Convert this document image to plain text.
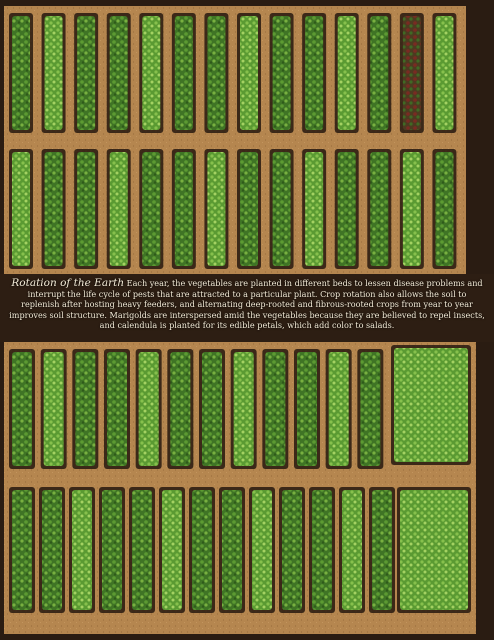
Rotation of the Earth Each year, the vegetables are planted in different beds to lessen disease problems and interrupt the life cycle of pests that are attracted to a particular plant. Crop rotation also allows the soil to replenish after hosting heavy feeders, and alternating deep-rooted and fibrous-rooted crops from year to year improves soil structure. Marigolds are interspersed amid the vegetables because they are believed to repel insects, and calendula is planted for its edible petals, which add color to salads.
